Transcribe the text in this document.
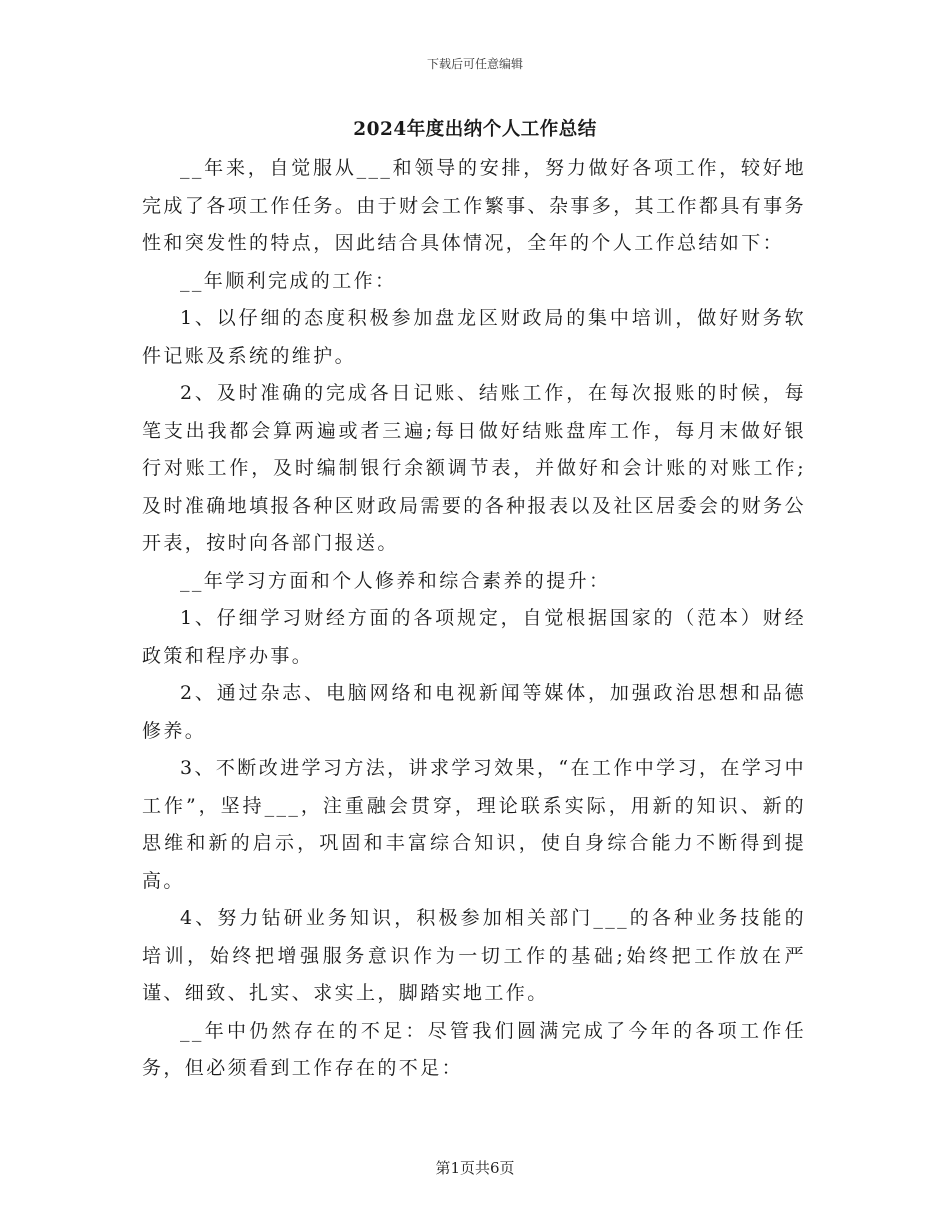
下载后可任意编辑
2024年度出纳个人工作总结

__年来，自觉服从___和领导的安排，努力做好各项工作，较好地完成了各项工作任务。由于财会工作繁事、杂事多，其工作都具有事务性和突发性的特点，因此结合具体情况，全年的个人工作总结如下：

__年顺利完成的工作：

1、以仔细的态度积极参加盘龙区财政局的集中培训，做好财务软件记账及系统的维护。

2、及时准确的完成各日记账、结账工作，在每次报账的时候，每笔支出我都会算两遍或者三遍;每日做好结账盘库工作，每月末做好银行对账工作，及时编制银行余额调节表，并做好和会计账的对账工作;及时准确地填报各种区财政局需要的各种报表以及社区居委会的财务公开表，按时向各部门报送。

__年学习方面和个人修养和综合素养的提升：

1、仔细学习财经方面的各项规定，自觉根据国家的（范本）财经政策和程序办事。

2、通过杂志、电脑网络和电视新闻等媒体，加强政治思想和品德修养。

3、不断改进学习方法，讲求学习效果，“在工作中学习，在学习中工作”，坚持___，注重融会贯穿，理论联系实际，用新的知识、新的思维和新的启示，巩固和丰富综合知识，使自身综合能力不断得到提高。

4、努力钻研业务知识，积极参加相关部门___的各种业务技能的培训，始终把增强服务意识作为一切工作的基础;始终把工作放在严谨、细致、扎实、求实上，脚踏实地工作。

__年中仍然存在的不足：尽管我们圆满完成了今年的各项工作任务，但必须看到工作存在的不足：

第1页共6页
